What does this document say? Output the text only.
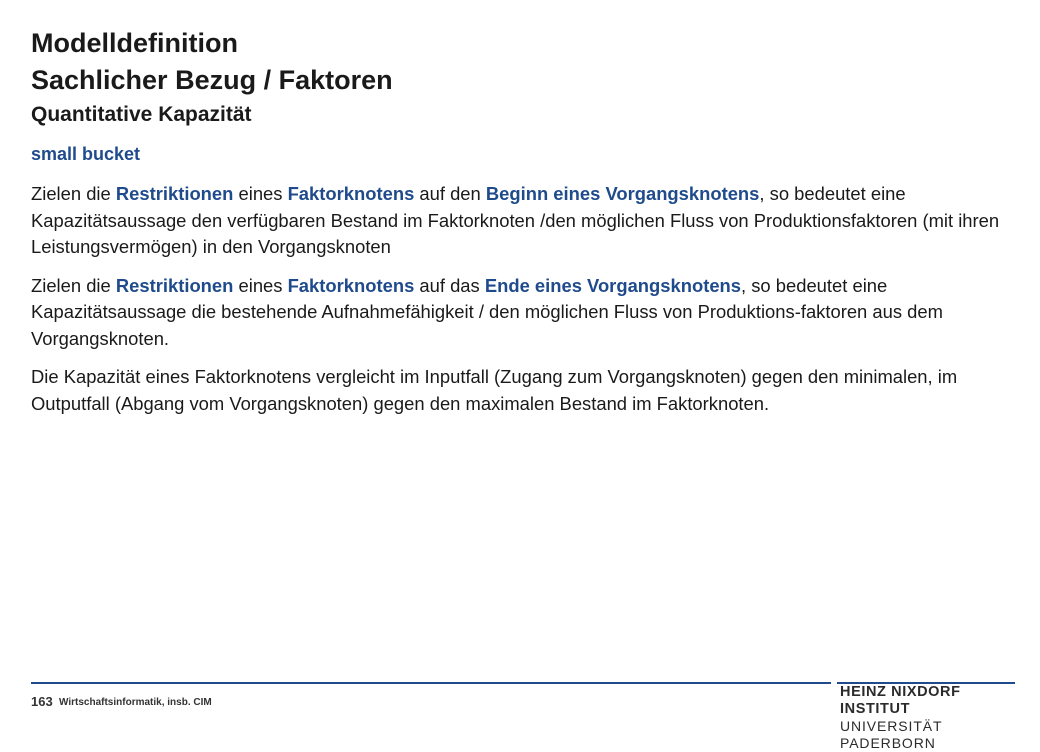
Modelldefinition
Sachlicher Bezug / Faktoren
Quantitative Kapazität
small bucket

Zielen die Restriktionen eines Faktorknotens auf den Beginn eines Vorgangsknotens, so bedeutet eine Kapazitätsaussage den verfügbaren Bestand im Faktorknoten /den möglichen Fluss von Produktionsfaktoren (mit ihren Leistungsvermögen) in den Vorgangsknoten

Zielen die Restriktionen eines Faktorknotens auf das Ende eines Vorgangsknotens, so bedeutet eine Kapazitätsaussage die bestehende Aufnahmefähigkeit / den möglichen Fluss von Produktions-faktoren aus dem Vorgangsknoten.

Die Kapazität eines Faktorknotens vergleicht im Inputfall (Zugang zum Vorgangsknoten) gegen den minimalen, im Outputfall (Abgang vom Vorgangsknoten) gegen den maximalen Bestand im Faktorknoten.

163 Wirtschaftsinformatik, insb. CIM
HEINZ NIXDORF INSTITUT
UNIVERSITÄT PADERBORN
